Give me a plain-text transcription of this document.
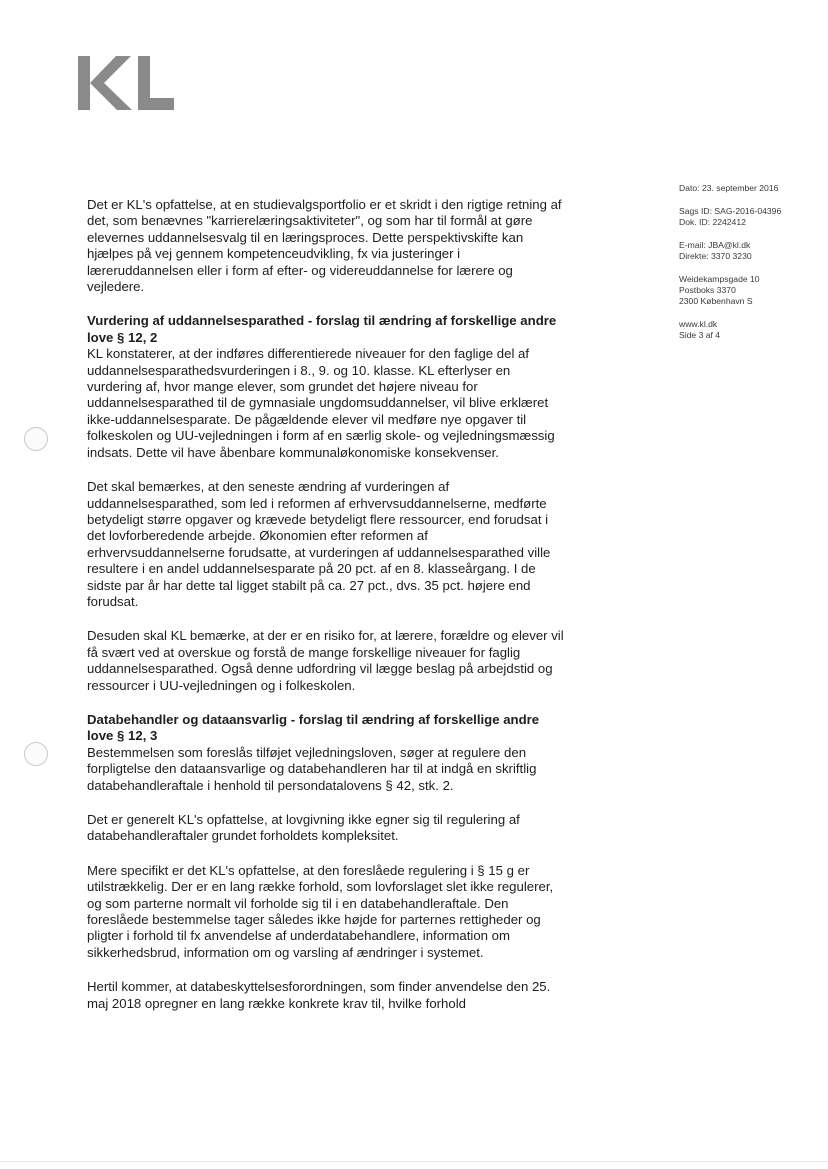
Dato: 23. september 2016
Sags ID: SAG-2016-04396
Dok. ID: 2242412
E-mail: JBA@kl.dk
Direkte: 3370 3230
Weidekampsgade 10
Postboks 3370
2300 København S
www.kl.dk
Side 3 af 4

Det er KL's opfattelse, at en studievalgsportfolio er et skridt i den rigtige retning af det, som benævnes "karrierelæringsaktiviteter", og som har til formål at gøre elevernes uddannelsesvalg til en læringsproces. Dette perspektivskifte kan hjælpes på vej gennem kompetenceudvikling, fx via justeringer i læreruddannelsen eller i form af efter- og videreuddannelse for lærere og vejledere.

Vurdering af uddannelsesparathed - forslag til ændring af forskellige andre love § 12, 2

KL konstaterer, at der indføres differentierede niveauer for den faglige del af uddannelsesparathedsvurderingen i 8., 9. og 10. klasse. KL efterlyser en vurdering af, hvor mange elever, som grundet det højere niveau for uddannelsesparathed til de gymnasiale ungdomsuddannelser, vil blive erklæret ikke-uddannelsesparate. De pågældende elever vil medføre nye opgaver til folkeskolen og UU-vejledningen i form af en særlig skole- og vejledningsmæssig indsats. Dette vil have åbenbare kommunaløkonomiske konsekvenser.

Det skal bemærkes, at den seneste ændring af vurderingen af uddannelsesparathed, som led i reformen af erhvervsuddannelserne, medførte betydeligt større opgaver og krævede betydeligt flere ressourcer, end forudsat i det lovforberedende arbejde. Økonomien efter reformen af erhvervsuddannelserne forudsatte, at vurderingen af uddannelsesparathed ville resultere i en andel uddannelsesparate på 20 pct. af en 8. klasseårgang. I de sidste par år har dette tal ligget stabilt på ca. 27 pct., dvs. 35 pct. højere end forudsat.

Desuden skal KL bemærke, at der er en risiko for, at lærere, forældre og elever vil få svært ved at overskue og forstå de mange forskellige niveauer for faglig uddannelsesparathed. Også denne udfordring vil lægge beslag på arbejdstid og ressourcer i UU-vejledningen og i folkeskolen.

Databehandler og dataansvarlig - forslag til ændring af forskellige andre love § 12, 3

Bestemmelsen som foreslås tilføjet vejledningsloven, søger at regulere den forpligtelse den dataansvarlige og databehandleren har til at indgå en skriftlig databehandleraftale i henhold til persondatalovens § 42, stk. 2.

Det er generelt KL's opfattelse, at lovgivning ikke egner sig til regulering af databehandleraftaler grundet forholdets kompleksitet.

Mere specifikt er det KL's opfattelse, at den foreslåede regulering i § 15 g er utilstrækkelig. Der er en lang række forhold, som lovforslaget slet ikke regulerer, og som parterne normalt vil forholde sig til i en databehandleraftale. Den foreslåede bestemmelse tager således ikke højde for parternes rettigheder og pligter i forhold til fx anvendelse af underdatabehandlere, information om sikkerhedsbrud, information om og varsling af ændringer i systemet.

Hertil kommer, at databeskyttelsesforordningen, som finder anvendelse den 25. maj 2018 opregner en lang række konkrete krav til, hvilke forhold
